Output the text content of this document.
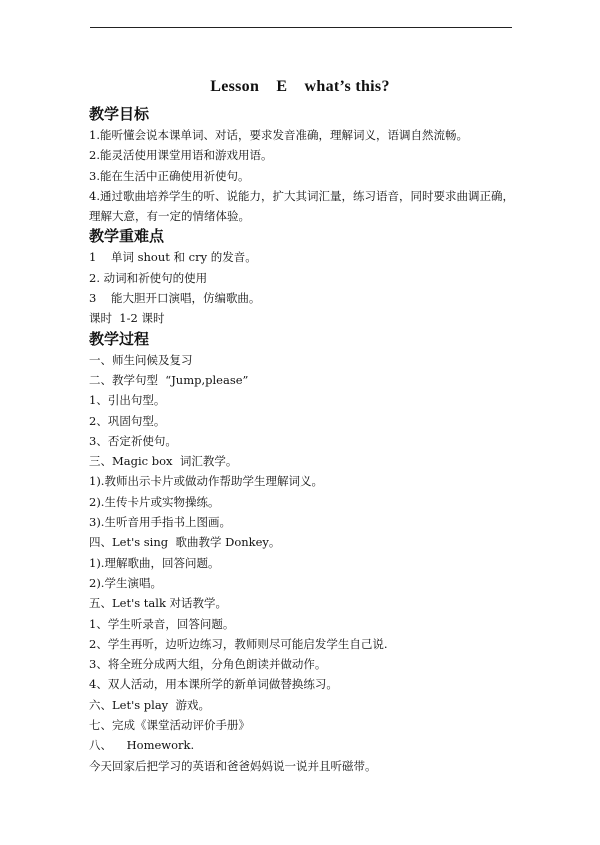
Lesson    E    what’s this?

教学目标

1.能听懂会说本课单词、对话，要求发音准确，理解词义，语调自然流畅。

2.能灵活使用课堂用语和游戏用语。

3.能在生活中正确使用祈使句。

4.通过歌曲培养学生的听、说能力，扩大其词汇量，练习语音，同时要求曲调正确，理解大意，有一定的情绪体验。

教学重难点

1    单词 shout 和 cry 的发音。

2. 动词和祈使句的使用

3    能大胆开口演唱，仿编歌曲。

课时  1-2 课时

教学过程

一、师生问候及复习

二、教学句型  “Jump,please”

1、引出句型。

2、巩固句型。

3、否定祈使句。

三、Magic box  词汇教学。

1).教师出示卡片或做动作帮助学生理解词义。

2).生传卡片或实物操练。

3).生听音用手指书上图画。

四、Let's sing  歌曲教学 Donkey。

1).理解歌曲，回答问题。

2).学生演唱。

五、Let's talk 对话教学。

1、学生听录音，回答问题。

2、学生再听，边听边练习，教师则尽可能启发学生自己说.

3、将全班分成两大组，分角色朗读并做动作。

4、双人活动，用本课所学的新单词做替换练习。

六、Let's play  游戏。

七、完成《课堂活动评价手册》

八、    Homework.

今天回家后把学习的英语和爸爸妈妈说一说并且听磁带。
